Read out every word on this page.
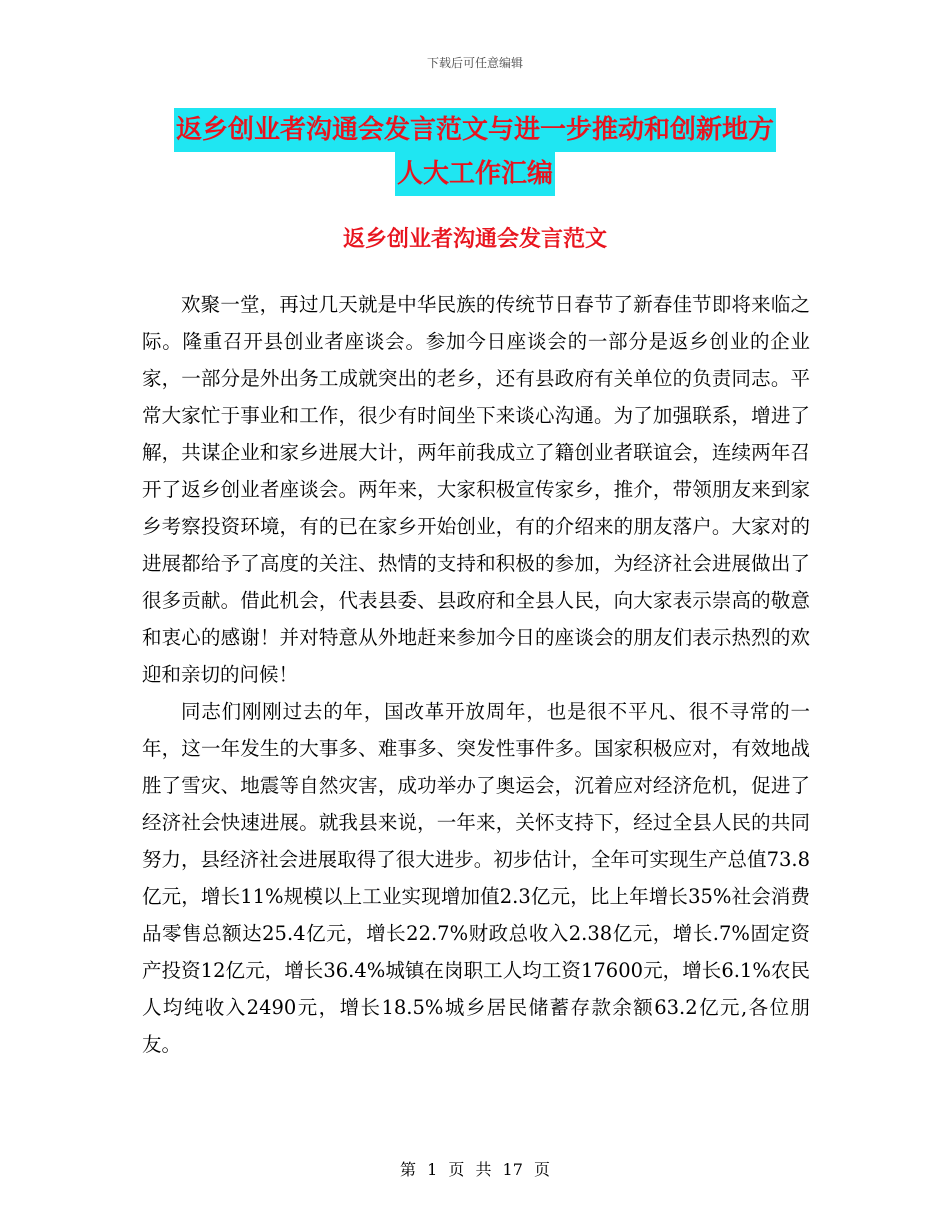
下载后可任意编辑
返乡创业者沟通会发言范文与进一步推动和创新地方
人大工作汇编
返乡创业者沟通会发言范文

欢聚一堂，再过几天就是中华民族的传统节日春节了新春佳节即将来临之际。隆重召开县创业者座谈会。参加今日座谈会的一部分是返乡创业的企业家，一部分是外出务工成就突出的老乡，还有县政府有关单位的负责同志。平常大家忙于事业和工作，很少有时间坐下来谈心沟通。为了加强联系，增进了解，共谋企业和家乡进展大计，两年前我成立了籍创业者联谊会，连续两年召开了返乡创业者座谈会。两年来，大家积极宣传家乡，推介，带领朋友来到家乡考察投资环境，有的已在家乡开始创业，有的介绍来的朋友落户。大家对的进展都给予了高度的关注、热情的支持和积极的参加，为经济社会进展做出了很多贡献。借此机会，代表县委、县政府和全县人民，向大家表示崇高的敬意和衷心的感谢！并对特意从外地赶来参加今日的座谈会的朋友们表示热烈的欢迎和亲切的问候！

同志们刚刚过去的年，国改革开放周年，也是很不平凡、很不寻常的一年，这一年发生的大事多、难事多、突发性事件多。国家积极应对，有效地战胜了雪灾、地震等自然灾害，成功举办了奥运会，沉着应对经济危机，促进了经济社会快速进展。就我县来说，一年来，关怀支持下，经过全县人民的共同努力，县经济社会进展取得了很大进步。初步估计，全年可实现生产总值73.8亿元，增长11%规模以上工业实现增加值2.3亿元，比上年增长35%社会消费品零售总额达25.4亿元，增长22.7%财政总收入2.38亿元，增长.7%固定资产投资12亿元，增长36.4%城镇在岗职工人均工资17600元，增长6.1%农民人均纯收入2490元，增长18.5%城乡居民储蓄存款余额63.2亿元,各位朋友。

第 1 页 共 17 页
